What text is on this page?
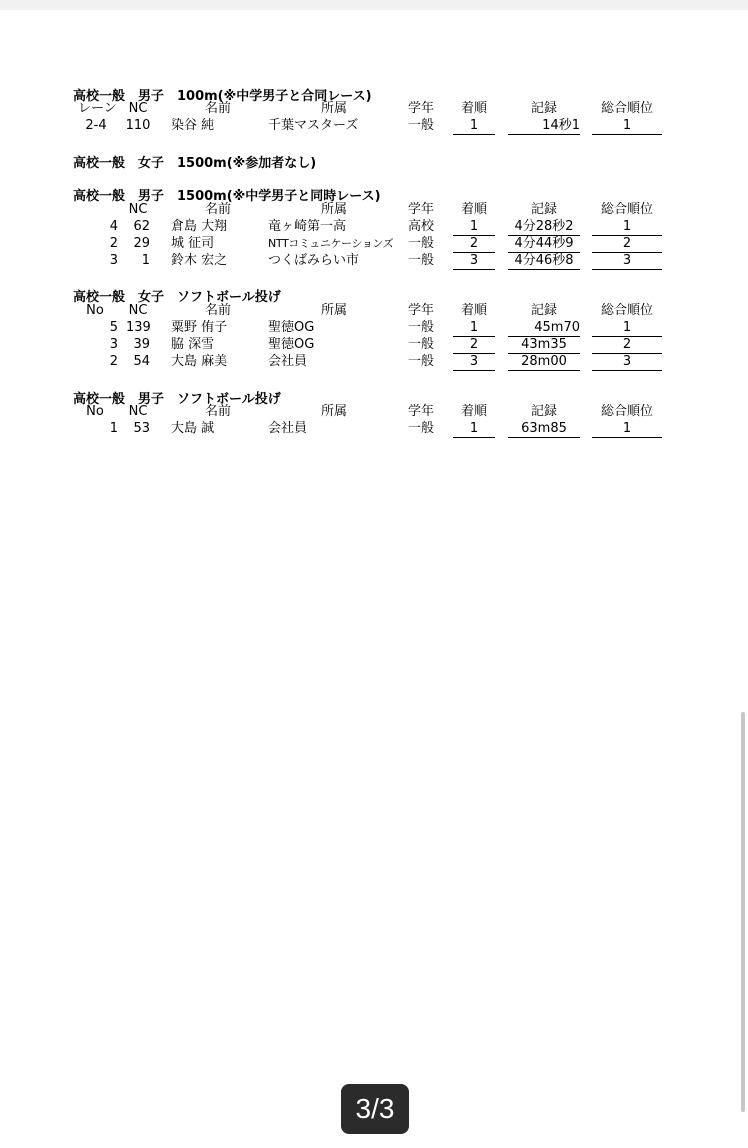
高校一般　男子　100m(※中学男子と合同レース)
レーン NC	名前	所属	学年	着順	記録	総合順位
2-4	110 染谷 純	千葉マスターズ	一般	1	14秒1	1
高校一般　女子　1500m(※参加者なし)
高校一般　男子　1500m(※中学男子と同時レース)
NC	名前	所属	学年	着順	記録	総合順位
4	62 倉島 大翔	竜ヶ崎第一高	高校	1	4分28秒2	1
2	29 城 征司	NTTコミュニケーションズ	一般	2	4分44秒9	2
3	1 鈴木 宏之	つくばみらい市	一般	3	4分46秒8	3
高校一般　女子　ソフトボール投げ
No	NC	名前	所属	学年	着順	記録	総合順位
5 139 粟野 侑子	聖徳OG	一般	1	45m70	1
3	39 脇 深雪	聖徳OG	一般	2	43m35	2
2	54 大島 麻美	会社員	一般	3	28m00	3
高校一般　男子　ソフトボール投げ
No	NC	名前	所属	学年	着順	記録	総合順位
1	53 大島 誠	会社員	一般	1	63m85	1
3/3
